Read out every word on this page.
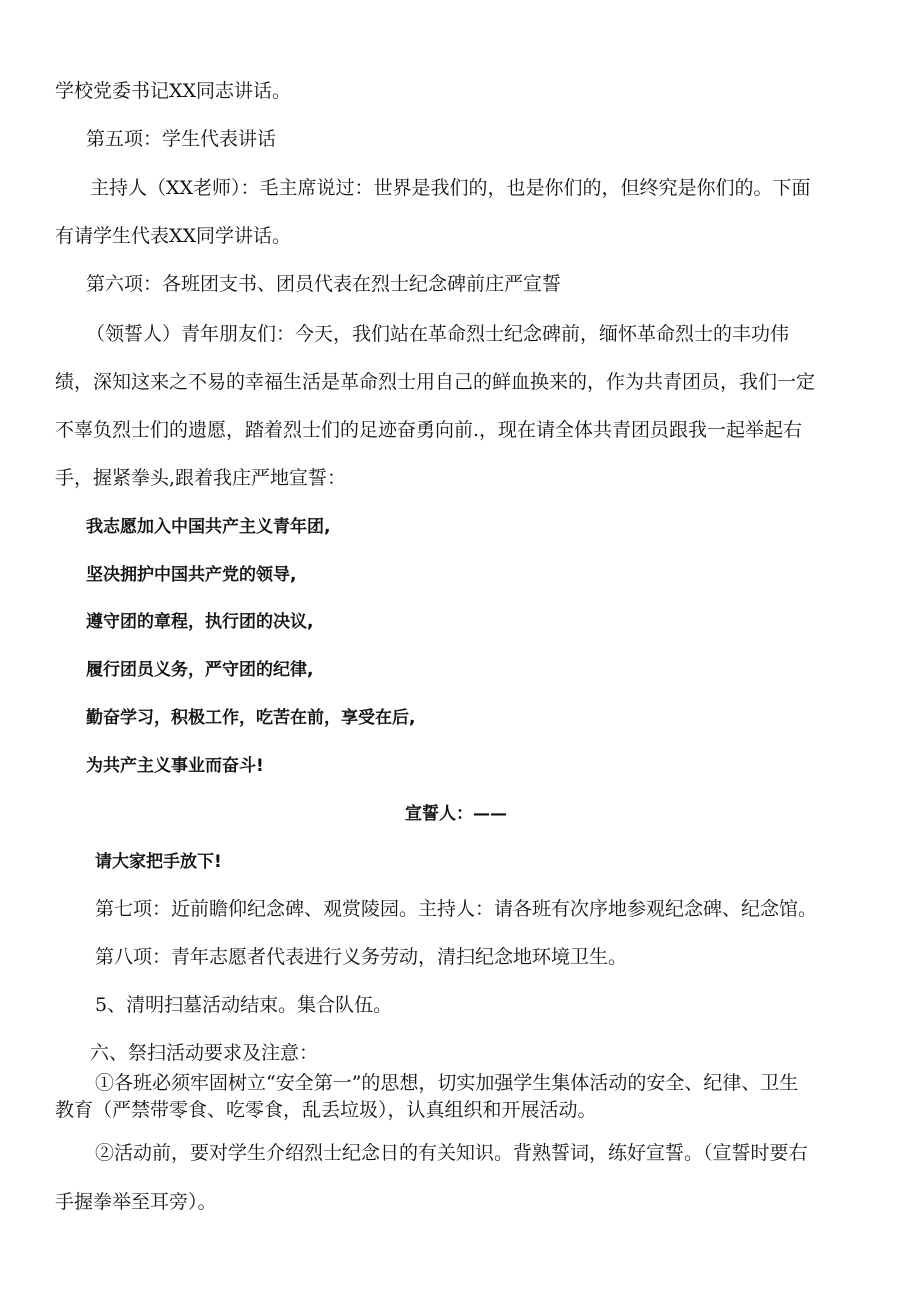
学校党委书记XX同志讲话。
第五项：学生代表讲话
主持人（XX老师）：毛主席说过：世界是我们的，也是你们的，但终究是你们的。下面
有请学生代表XX同学讲话。
第六项：各班团支书、团员代表在烈士纪念碑前庄严宣誓
（领誓人）青年朋友们：今天，我们站在革命烈士纪念碑前，缅怀革命烈士的丰功伟
绩，深知这来之不易的幸福生活是革命烈士用自己的鲜血换来的，作为共青团员，我们一定
不辜负烈士们的遗愿，踏着烈士们的足迹奋勇向前.，现在请全体共青团员跟我一起举起右
手，握紧拳头,跟着我庄严地宣誓：
我志愿加入中国共产主义青年团,
坚决拥护中国共产党的领导,
遵守团的章程，执行团的决议,
履行团员义务，严守团的纪律,
勤奋学习，积极工作，吃苦在前，享受在后,
为共产主义事业而奋斗!
宣誓人：——
请大家把手放下!
第七项：近前瞻仰纪念碑、观赏陵园。主持人：请各班有次序地参观纪念碑、纪念馆。
第八项：青年志愿者代表进行义务劳动，清扫纪念地环境卫生。
5、清明扫墓活动结束。集合队伍。
六、祭扫活动要求及注意：
①各班必须牢固树立“安全第一”的思想，切实加强学生集体活动的安全、纪律、卫生
教育（严禁带零食、吃零食，乱丢垃圾），认真组织和开展活动。
②活动前，要对学生介绍烈士纪念日的有关知识。背熟誓词，练好宣誓。（宣誓时要右
手握拳举至耳旁）。
